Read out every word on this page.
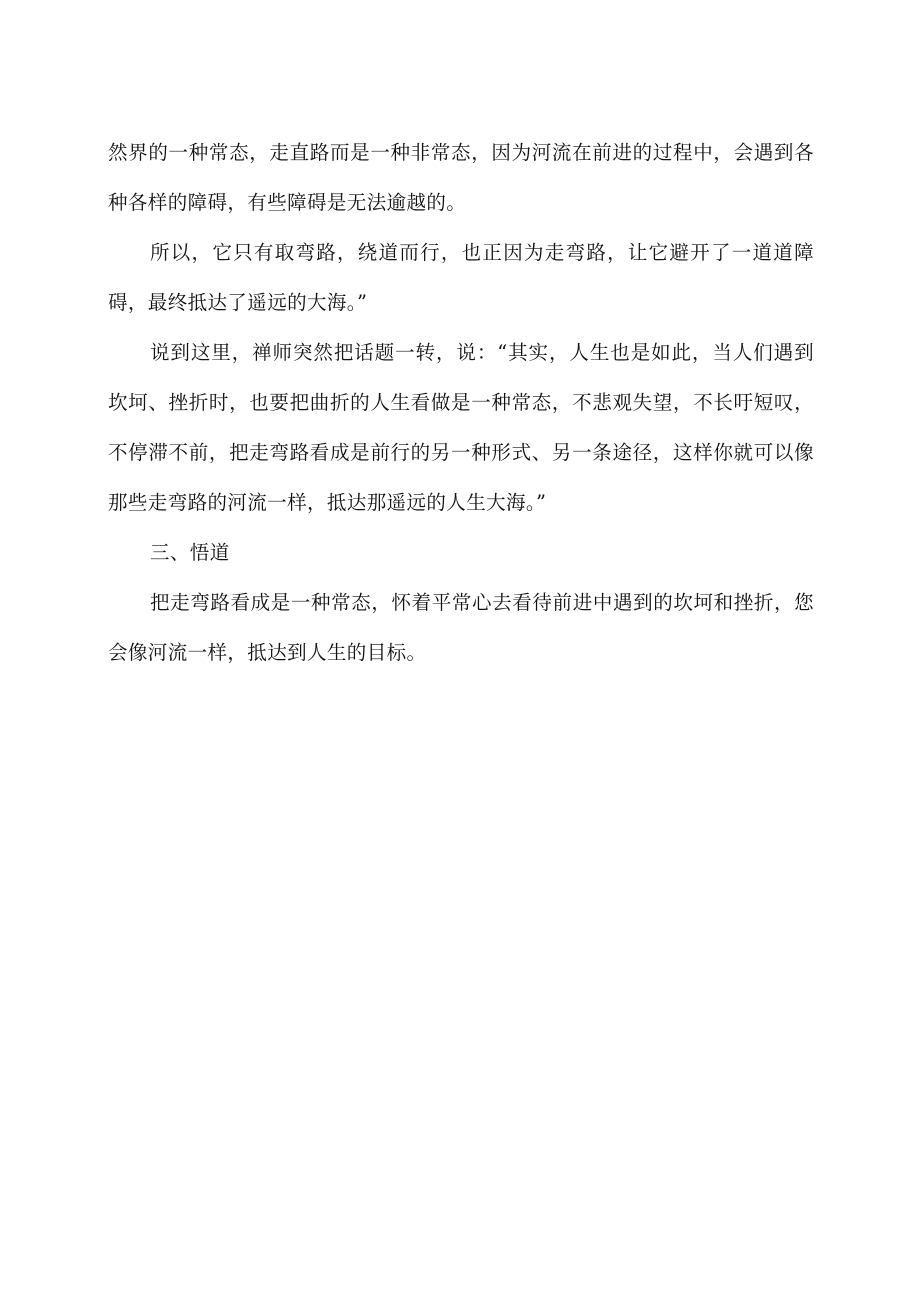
然界的一种常态，走直路而是一种非常态，因为河流在前进的过程中，会遇到各种各样的障碍，有些障碍是无法逾越的。

所以，它只有取弯路，绕道而行，也正因为走弯路，让它避开了一道道障碍，最终抵达了遥远的大海。”

说到这里，禅师突然把话题一转，说：“其实，人生也是如此，当人们遇到坎坷、挫折时，也要把曲折的人生看做是一种常态，不悲观失望，不长吁短叹，不停滞不前，把走弯路看成是前行的另一种形式、另一条途径，这样你就可以像那些走弯路的河流一样，抵达那遥远的人生大海。”

三、悟道

把走弯路看成是一种常态，怀着平常心去看待前进中遇到的坎坷和挫折，您会像河流一样，抵达到人生的目标。
